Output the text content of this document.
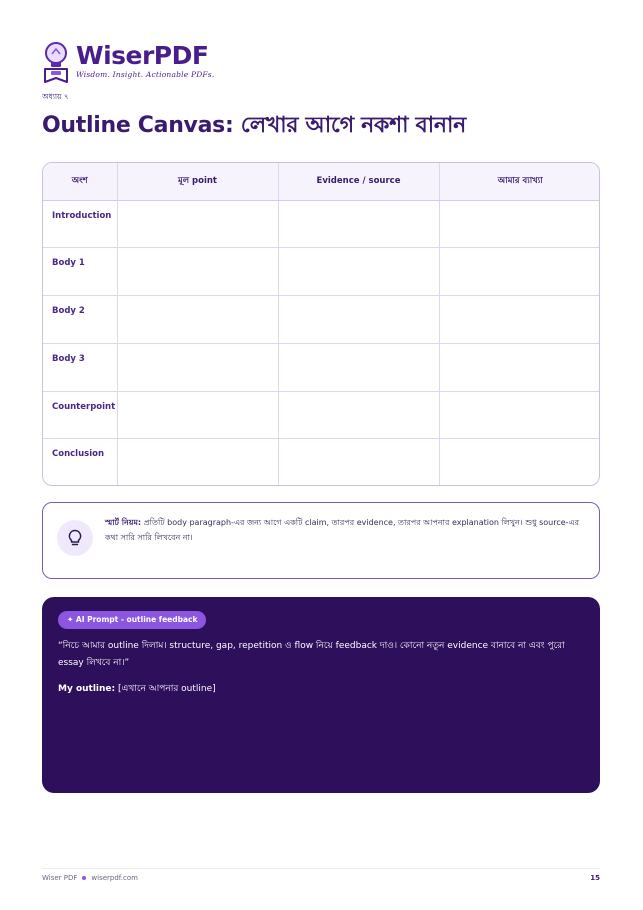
WiserPDF
Wisdom. Insight. Actionable PDFs.
অধ্যায় ৭
Outline Canvas: লেখার আগে নকশা বানান
অংশ	মূল point	Evidence / source	আমার ব্যাখ্যা
Introduction			
Body 1			
Body 2			
Body 3			
Counterpoint			
Conclusion			

স্মার্ট নিয়ম: প্রতিটি body paragraph-এর জন্য আগে একটি claim, তারপর evidence, তারপর আপনার explanation লিখুন। শুধু source-এর কথা সারি সারি লিখবেন না।

✦ AI Prompt - outline feedback

“নিচে আমার outline দিলাম। structure, gap, repetition ও flow নিয়ে feedback দাও। কোনো নতুন evidence বানাবে না এবং পুরো essay লিখবে না।”

My outline: [এখানে আপনার outline]

Wiser PDF wiserpdf.com	15
